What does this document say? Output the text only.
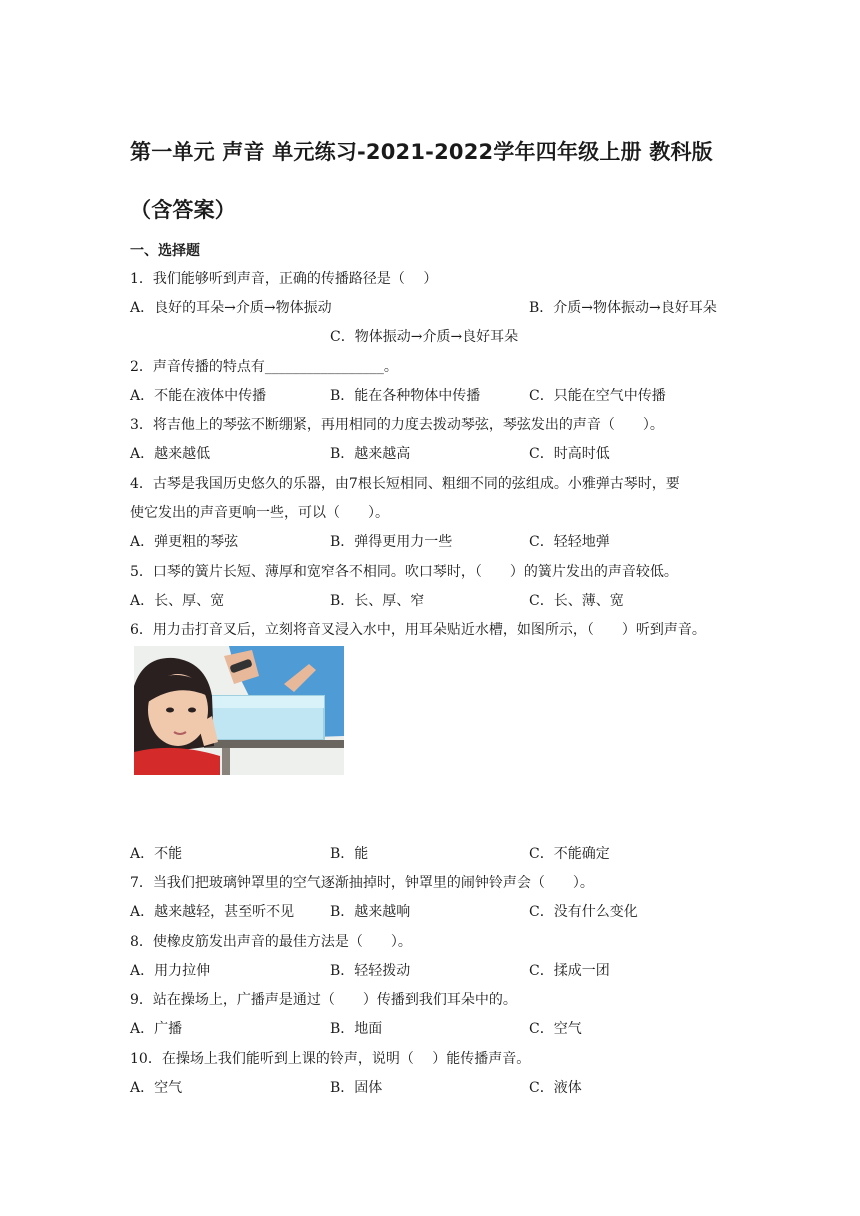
第一单元 声音 单元练习-2021-2022学年四年级上册 教科版（含答案）
一、选择题
1．我们能够听到声音，正确的传播路径是（　 ）
A．良好的耳朵→介质→物体振动	B．介质→物体振动→良好耳朵
C．物体振动→介质→良好耳朵
2．声音传播的特点有_________________。
A．不能在液体中传播	B．能在各种物体中传播	C．只能在空气中传播
3．将吉他上的琴弦不断绷紧，再用相同的力度去拨动琴弦，琴弦发出的声音（　　）。
A．越来越低	B．越来越高	C．时高时低
4．古琴是我国历史悠久的乐器，由7根长短相同、粗细不同的弦组成。小雅弹古琴时，要
使它发出的声音更响一些，可以（　　）。
A．弹更粗的琴弦	B．弹得更用力一些	C．轻轻地弹
5．口琴的簧片长短、薄厚和宽窄各不相同。吹口琴时，（　　）的簧片发出的声音较低。
A．长、厚、宽	B．长、厚、窄	C．长、薄、宽
6．用力击打音叉后，立刻将音叉浸入水中，用耳朵贴近水槽，如图所示，（　　）听到声音。
A．不能	B．能	C．不能确定
7．当我们把玻璃钟罩里的空气逐渐抽掉时，钟罩里的闹钟铃声会（　　）。
A．越来越轻，甚至听不见	B．越来越响	C．没有什么变化
8．使橡皮筋发出声音的最佳方法是（　　）。
A．用力拉伸	B．轻轻拨动	C．揉成一团
9．站在操场上，广播声是通过（　　）传播到我们耳朵中的。
A．广播	B．地面	C．空气
10．在操场上我们能听到上课的铃声，说明（　 ）能传播声音。
A．空气	B．固体	C．液体
